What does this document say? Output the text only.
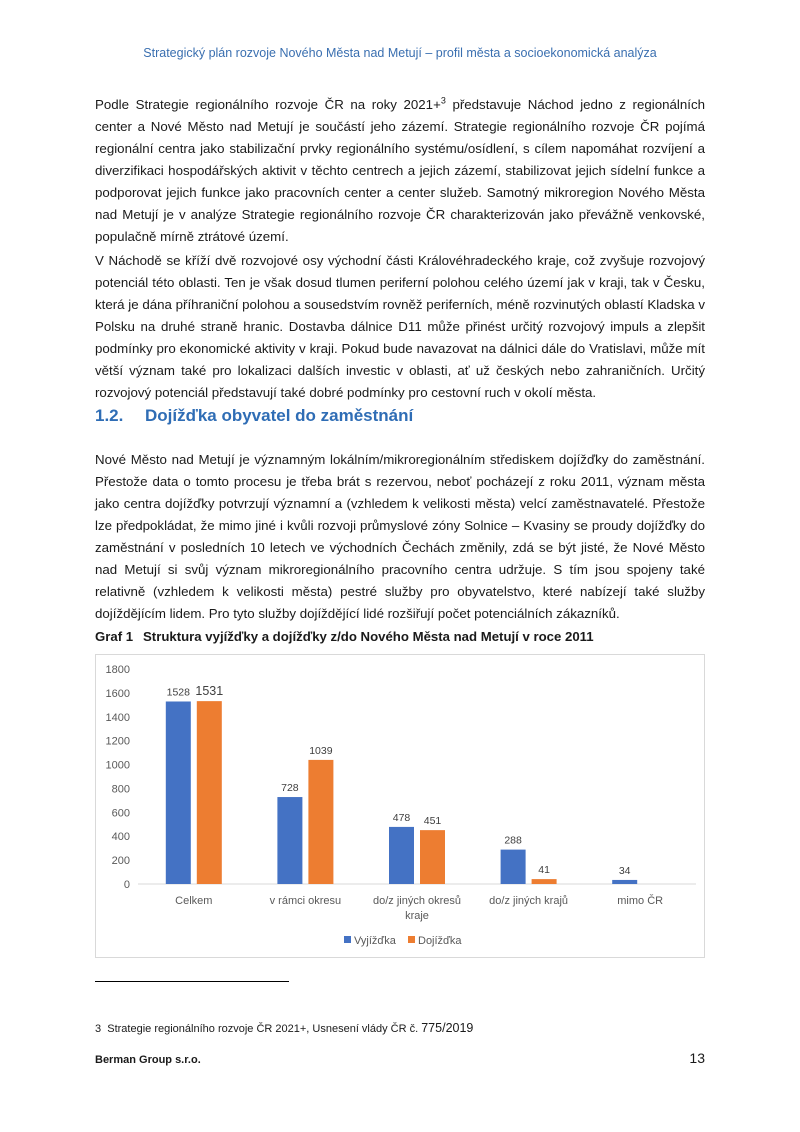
Strategický plán rozvoje Nového Města nad Metují – profil města a socioekonomická analýza

Podle Strategie regionálního rozvoje ČR na roky 2021+$^3$ představuje Náchod jedno z regionálních center a Nové Město nad Metují je součástí jeho zázemí. Strategie regionálního rozvoje ČR pojímá regionální centra jako stabilizační prvky regionálního systému/osídlení, s cílem napomáhat rozvíjení a diverzifikaci hospodářských aktivit v těchto centrech a jejich zázemí, stabilizovat jejich sídelní funkce a podporovat jejich funkce jako pracovních center a center služeb. Samotný mikroregion Nového Města nad Metují je v analýze Strategie regionálního rozvoje ČR charakterizován jako převážně venkovské, populačně mírně ztrátové území.

V Náchodě se kříží dvě rozvojové osy východní části Královéhradeckého kraje, což zvyšuje rozvojový potenciál této oblasti. Ten je však dosud tlumen periferní polohou celého území jak v kraji, tak v Česku, která je dána příhraniční polohou a sousedstvím rovněž periferních, méně rozvinutých oblastí Kladska v Polsku na druhé straně hranic. Dostavba dálnice D11 může přinést určitý rozvojový impuls a zlepšit podmínky pro ekonomické aktivity v kraji. Pokud bude navazovat na dálnici dále do Vratislavi, může mít větší význam také pro lokalizaci dalších investic v oblasti, ať už českých nebo zahraničních. Určitý rozvojový potenciál představují také dobré podmínky pro cestovní ruch v okolí města.

1.2. Dojížďka obyvatel do zaměstnání

Nové Město nad Metují je významným lokálním/mikroregionálním střediskem dojížďky do zaměstnání. Přestože data o tomto procesu je třeba brát s rezervou, neboť pocházejí z roku 2011, význam města jako centra dojížďky potvrzují významní a (vzhledem k velikosti města) velcí zaměstnavatelé. Přestože lze předpokládat, že mimo jiné i kvůli rozvoji průmyslové zóny Solnice – Kvasiny se proudy dojížďky do zaměstnání v posledních 10 letech ve východních Čechách změnily, zdá se být jisté, že Nové Město nad Metují si svůj význam mikroregionálního pracovního centra udržuje. S tím jsou spojeny také relativně (vzhledem k velikosti města) pestré služby pro obyvatelstvo, které nabízejí také služby dojíždějícím lidem. Pro tyto služby dojíždějící lidé rozšiřují počet potenciálních zákazníků.

Graf 1 Struktura vyjížďky a dojížďky z/do Nového Města nad Metují v roce 2011
0
200
400
600
800
1000
1200
1400
1600
1800
1528
728
478
288
34
1531
1039
451
41
Celkem	v rámci okresu	do/z jiných okresů
kraje
do/z jiných krajů	mimo ČR
Vyjížďka Dojížďka
3 Strategie regionálního rozvoje ČR 2021+, Usnesení vlády ČR č. 775/2019
Berman Group s.r.o.	13
